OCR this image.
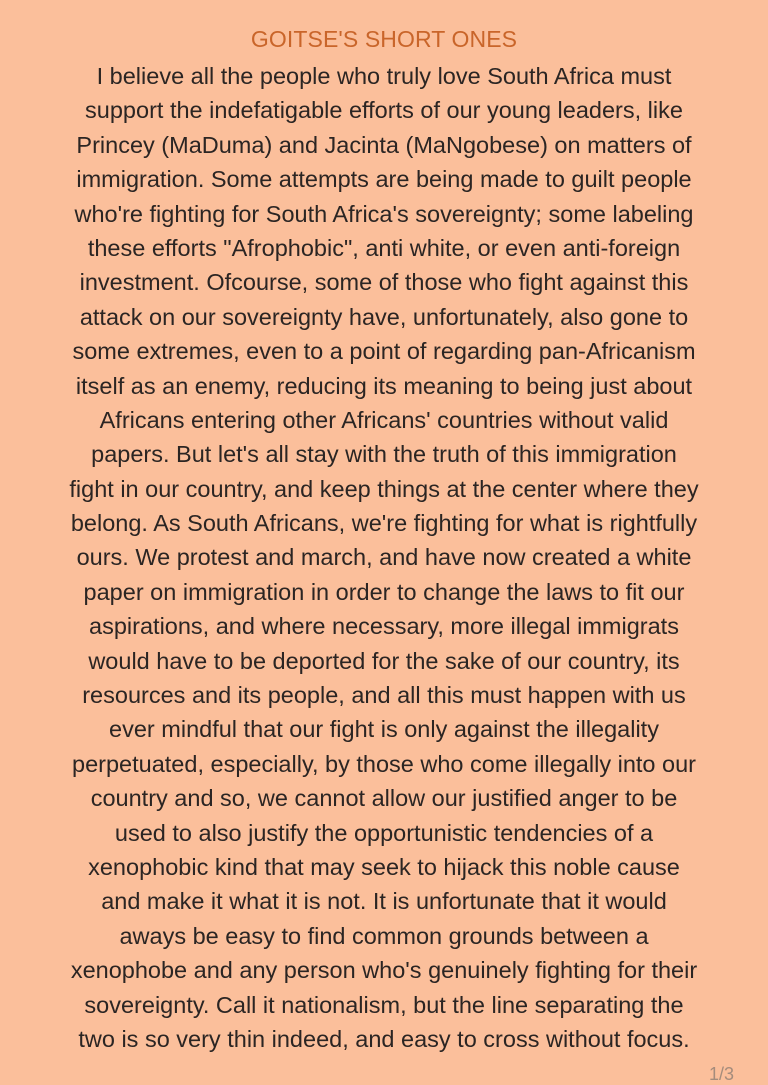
GOITSE'S SHORT ONES
I believe all the people who truly love South Africa must
support the indefatigable efforts of our young leaders, like
Princey (MaDuma) and Jacinta (MaNgobese) on matters of
immigration. Some attempts are being made to guilt people
who're fighting for South Africa's sovereignty; some labeling
these efforts "Afrophobic", anti white, or even anti-foreign
investment. Ofcourse, some of those who fight against this
attack on our sovereignty have, unfortunately, also gone to
some extremes, even to a point of regarding pan-Africanism
itself as an enemy, reducing its meaning to being just about
Africans entering other Africans' countries without valid
papers. But let's all stay with the truth of this immigration
fight in our country, and keep things at the center where they
belong. As South Africans, we're fighting for what is rightfully
ours. We protest and march, and have now created a white
paper on immigration in order to change the laws to fit our
aspirations, and where necessary, more illegal immigrats
would have to be deported for the sake of our country, its
resources and its people, and all this must happen with us
ever mindful that our fight is only against the illegality
perpetuated, especially, by those who come illegally into our
country and so, we cannot allow our justified anger to be
used to also justify the opportunistic tendencies of a
xenophobic kind that may seek to hijack this noble cause
and make it what it is not. It is unfortunate that it would
aways be easy to find common grounds between a
xenophobe and any person who's genuinely fighting for their
sovereignty. Call it nationalism, but the line separating the
two is so very thin indeed, and easy to cross without focus.
1/3
